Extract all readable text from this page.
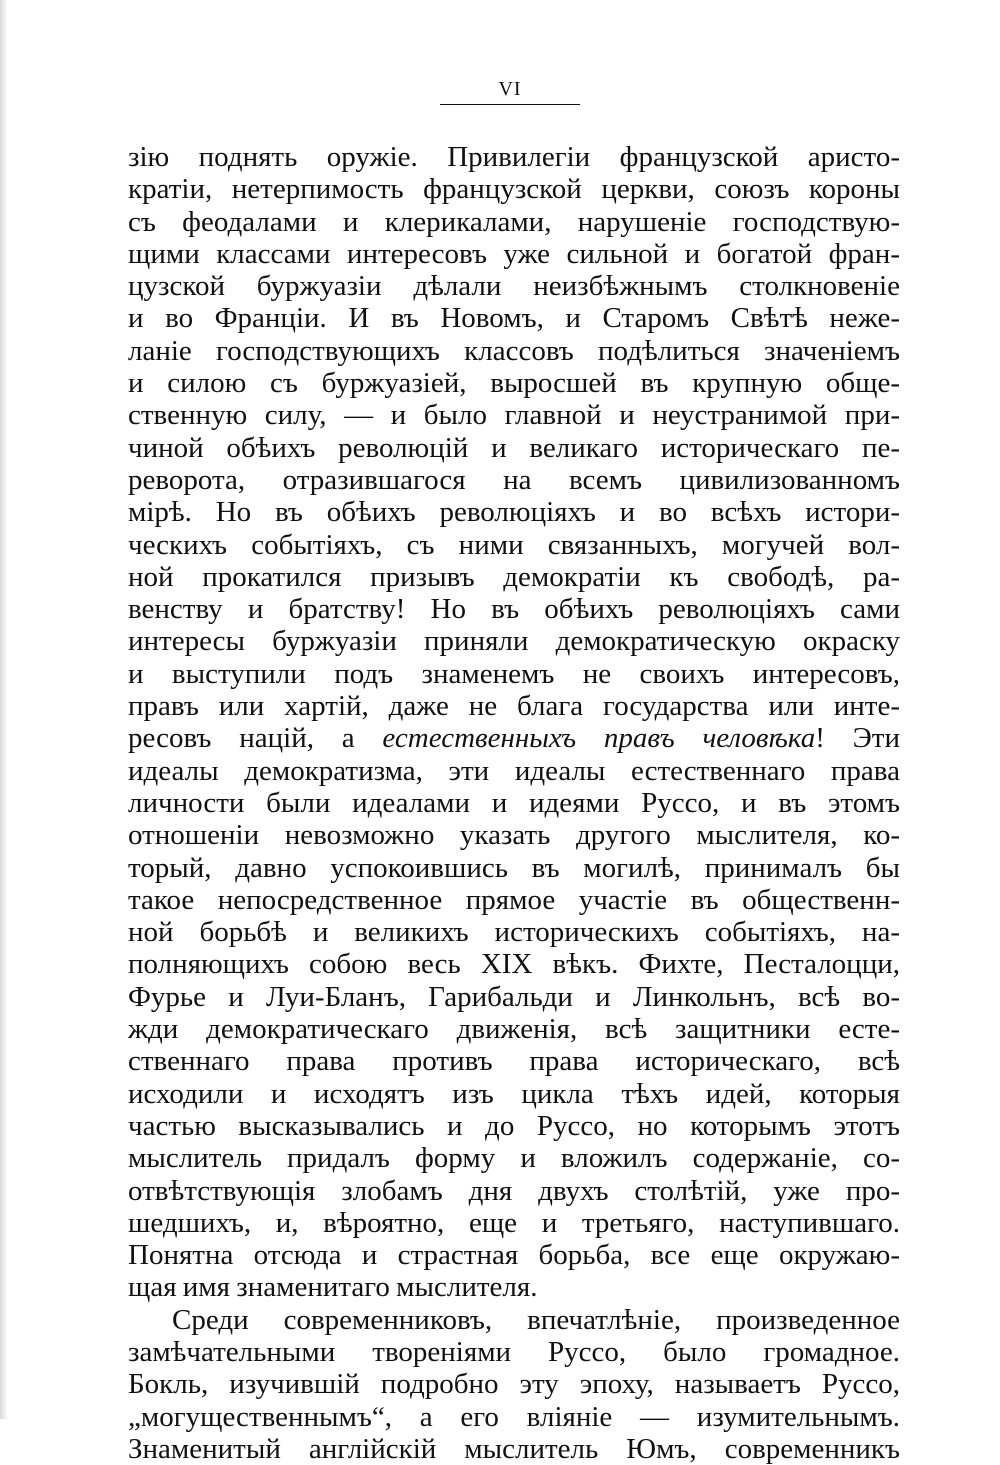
VI
зію поднять оружіе. Привилегіи французской аристо-
кратіи, нетерпимость французской церкви, союзъ короны
съ феодалами и клерикалами, нарушеніе господствую-
щими классами интересовъ уже сильной и богатой фран-
цузской буржуазіи дѣлали неизбѣжнымъ столкновеніе
и во Франціи. И въ Новомъ, и Старомъ Свѣтѣ неже-
ланіе господствующихъ классовъ подѣлиться значеніемъ
и силою съ буржуазіей, выросшей въ крупную обще-
ственную силу, — и было главной и неустранимой при-
чиной обѣихъ революцій и великаго историческаго пе-
реворота, отразившагося на всемъ цивилизованномъ
мірѣ. Но въ обѣихъ революціяхъ и во всѣхъ истори-
ческихъ событіяхъ, съ ними связанныхъ, могучей вол-
ной прокатился призывъ демократіи къ свободѣ, ра-
венству и братству! Но въ обѣихъ революціяхъ сами
интересы буржуазіи приняли демократическую окраску
и выступили подъ знаменемъ не своихъ интересовъ,
правъ или хартій, даже не блага государства или инте-
ресовъ націй, а естественныхъ правъ человѣка! Эти
идеалы демократизма, эти идеалы естественнаго права
личности были идеалами и идеями Руссо, и въ этомъ
отношеніи невозможно указать другого мыслителя, ко-
торый, давно успокоившись въ могилѣ, принималъ бы
такое непосредственное прямое участіе въ общественн-
ной борьбѣ и великихъ историческихъ событіяхъ, на-
полняющихъ собою весь XIX вѣкъ. Фихте, Песталоцци,
Фурье и Луи-Бланъ, Гарибальди и Линкольнъ, всѣ во-
жди демократическаго движенія, всѣ защитники есте-
ственнаго права противъ права историческаго, всѣ
исходили и исходятъ изъ цикла тѣхъ идей, которыя
частью высказывались и до Руссо, но которымъ этотъ
мыслитель придалъ форму и вложилъ содержаніе, со-
отвѣтствующія злобамъ дня двухъ столѣтій, уже про-
шедшихъ, и, вѣроятно, еще и третьяго, наступившаго.
Понятна отсюда и страстная борьба, все еще окружаю-
щая имя знаменитаго мыслителя.
Среди современниковъ, впечатлѣніе, произведенное
замѣчательными твореніями Руссо, было громадное.
Бокль, изучившій подробно эту эпоху, называетъ Руссо,
„могущественнымъ“, а его вліяніе — изумительнымъ.
Знаменитый англійскій мыслитель Юмъ, современникъ
